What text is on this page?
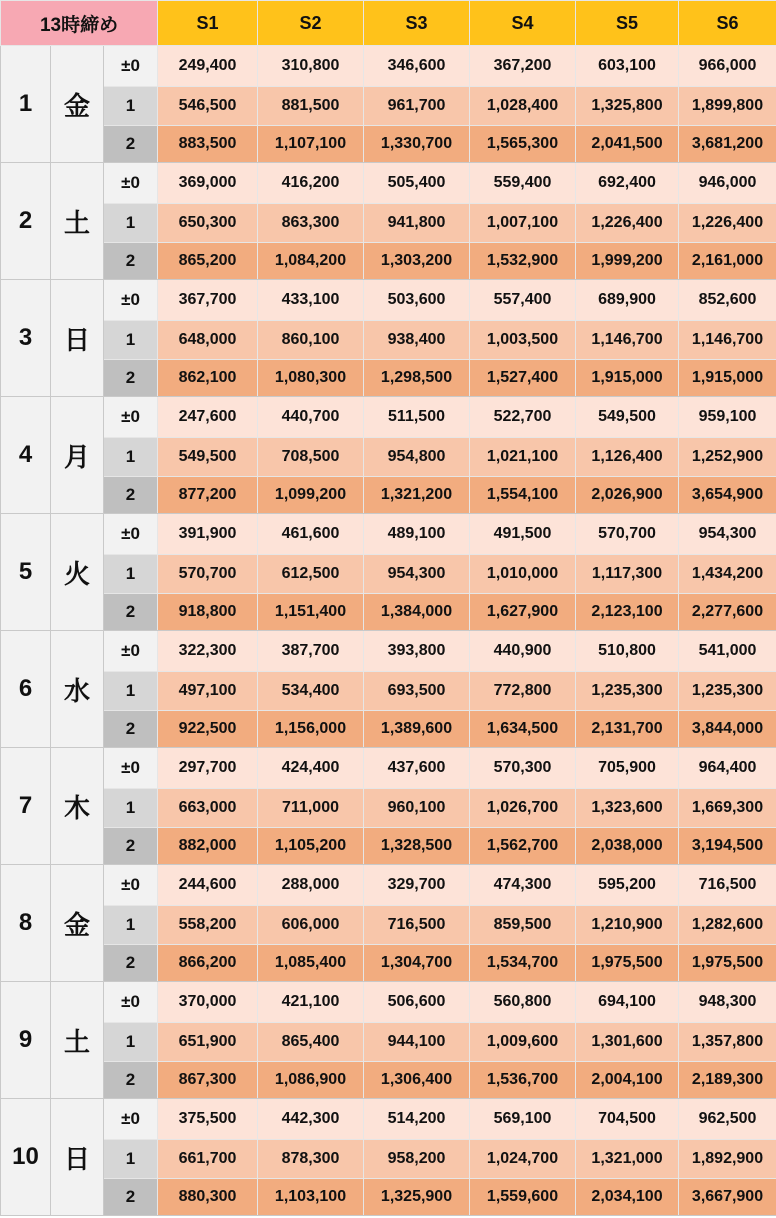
13時締め			S1	S2	S3	S4	S5	S6
1	金	±0	249,400	310,800	346,600	367,200	603,100	966,000
		1	546,500	881,500	961,700	1,028,400	1,325,800	1,899,800
		2	883,500	1,107,100	1,330,700	1,565,300	2,041,500	3,681,200
2	土	±0	369,000	416,200	505,400	559,400	692,400	946,000
		1	650,300	863,300	941,800	1,007,100	1,226,400	1,226,400
		2	865,200	1,084,200	1,303,200	1,532,900	1,999,200	2,161,000
3	日	±0	367,700	433,100	503,600	557,400	689,900	852,600
		1	648,000	860,100	938,400	1,003,500	1,146,700	1,146,700
		2	862,100	1,080,300	1,298,500	1,527,400	1,915,000	1,915,000
4	月	±0	247,600	440,700	511,500	522,700	549,500	959,100
		1	549,500	708,500	954,800	1,021,100	1,126,400	1,252,900
		2	877,200	1,099,200	1,321,200	1,554,100	2,026,900	3,654,900
5	火	±0	391,900	461,600	489,100	491,500	570,700	954,300
		1	570,700	612,500	954,300	1,010,000	1,117,300	1,434,200
		2	918,800	1,151,400	1,384,000	1,627,900	2,123,100	2,277,600
6	水	±0	322,300	387,700	393,800	440,900	510,800	541,000
		1	497,100	534,400	693,500	772,800	1,235,300	1,235,300
		2	922,500	1,156,000	1,389,600	1,634,500	2,131,700	3,844,000
7	木	±0	297,700	424,400	437,600	570,300	705,900	964,400
		1	663,000	711,000	960,100	1,026,700	1,323,600	1,669,300
		2	882,000	1,105,200	1,328,500	1,562,700	2,038,000	3,194,500
8	金	±0	244,600	288,000	329,700	474,300	595,200	716,500
		1	558,200	606,000	716,500	859,500	1,210,900	1,282,600
		2	866,200	1,085,400	1,304,700	1,534,700	1,975,500	1,975,500
9	土	±0	370,000	421,100	506,600	560,800	694,100	948,300
		1	651,900	865,400	944,100	1,009,600	1,301,600	1,357,800
		2	867,300	1,086,900	1,306,400	1,536,700	2,004,100	2,189,300
10	日	±0	375,500	442,300	514,200	569,100	704,500	962,500
		1	661,700	878,300	958,200	1,024,700	1,321,000	1,892,900
		2	880,300	1,103,100	1,325,900	1,559,600	2,034,100	3,667,900
